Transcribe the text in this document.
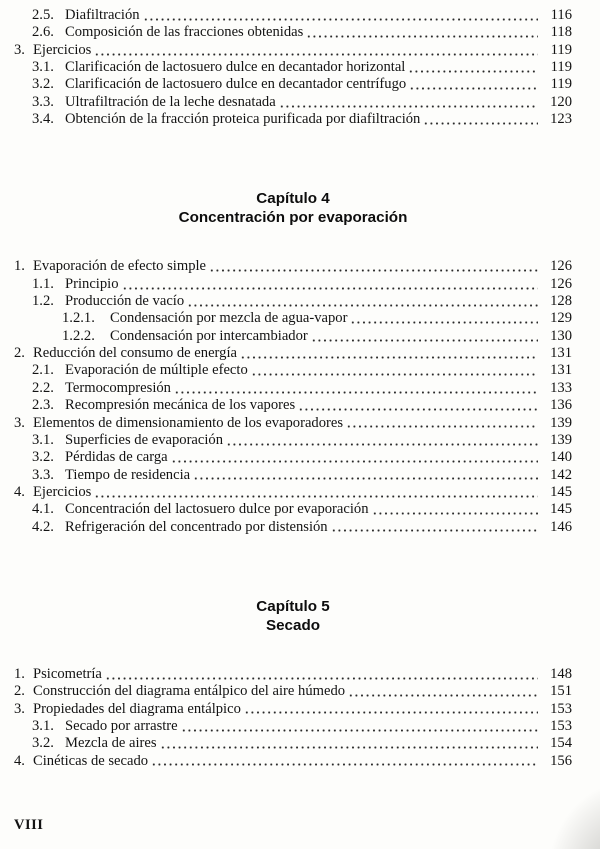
2.5. Diafiltración	116
2.6. Composición de las fracciones obtenidas	118
3. Ejercicios	119
3.1. Clarificación de lactosuero dulce en decantador horizontal	119
3.2. Clarificación de lactosuero dulce en decantador centrífugo	119
3.3. Ultrafiltración de la leche desnatada	120
3.4. Obtención de la fracción proteica purificada por diafiltración	123
Capítulo 4
Concentración por evaporación
1. Evaporación de efecto simple	126
1.1. Principio	126
1.2. Producción de vacío	128
1.2.1.	Condensación por mezcla de agua-vapor	129
1.2.2.	Condensación por intercambiador	130
2. Reducción del consumo de energía	131
2.1. Evaporación de múltiple efecto	131
2.2. Termocompresión	133
2.3. Recompresión mecánica de los vapores	136
3. Elementos de dimensionamiento de los evaporadores	139
3.1. Superficies de evaporación	139
3.2. Pérdidas de carga	140
3.3. Tiempo de residencia	142
4. Ejercicios	145
4.1. Concentración del lactosuero dulce por evaporación	145
4.2. Refrigeración del concentrado por distensión	146
Capítulo 5
Secado
1. Psicometría	148
2. Construcción del diagrama entálpico del aire húmedo	151
3. Propiedades del diagrama entálpico	153
3.1. Secado por arrastre	153
3.2. Mezcla de aires	154
4. Cinéticas de secado	156
VIII
